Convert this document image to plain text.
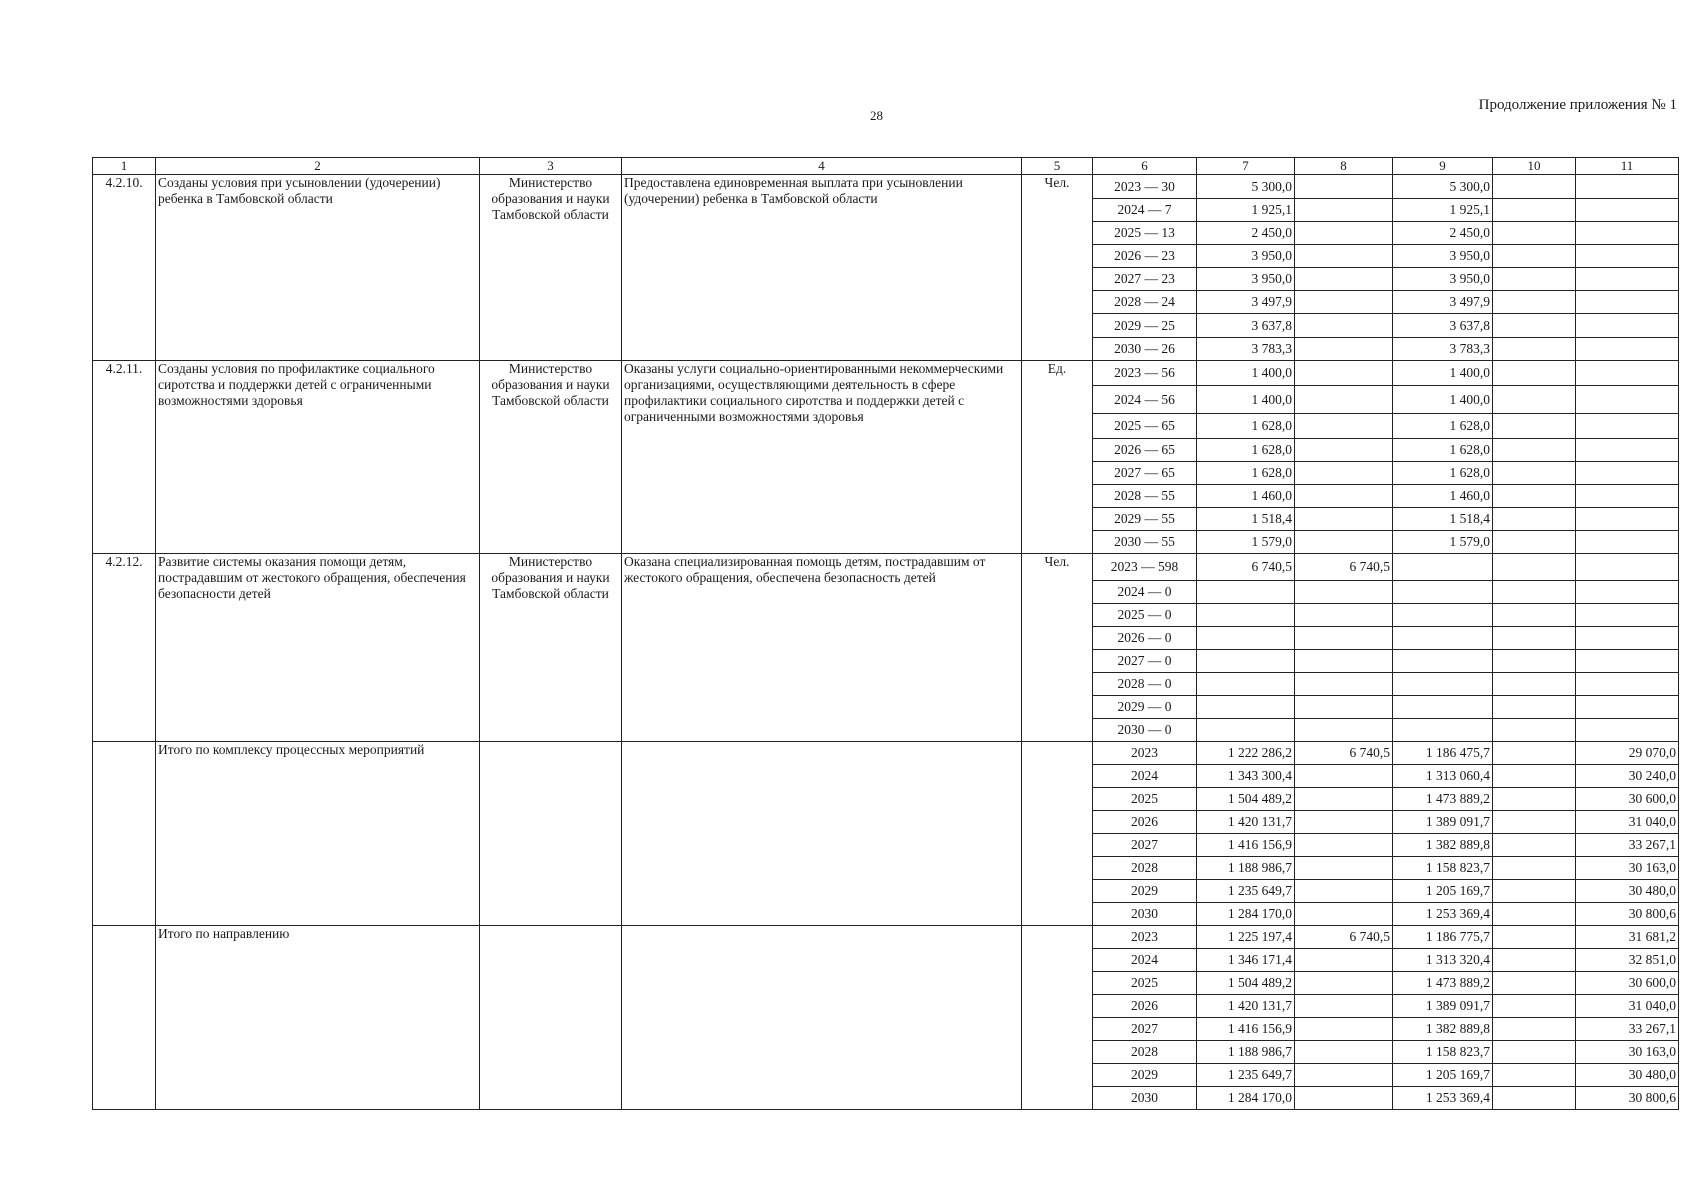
28
Продолжение приложения № 1
1	2	3	4	5	6	7	8	9	10	11
4.2.10.	Созданы условия при усыновлении (удочерении) ребенка в Тамбовской области	Министерство образования и науки Тамбовской области	Предоставлена единовременная выплата при усыновлении (удочерении) ребенка в Тамбовской области	Чел.	2023 — 30	5 300,0		5 300,0		
					2024 — 7	1 925,1		1 925,1		
					2025 — 13	2 450,0		2 450,0		
					2026 — 23	3 950,0		3 950,0		
					2027 — 23	3 950,0		3 950,0		
					2028 — 24	3 497,9		3 497,9		
					2029 — 25	3 637,8		3 637,8		
					2030 — 26	3 783,3		3 783,3		
4.2.11.	Созданы условия по профилактике социального сиротства и поддержки детей с ограниченными возможностями здоровья	Министерство образования и науки Тамбовской области	Оказаны услуги социально-ориентированными некоммерческими организациями, осуществляющими деятельность в сфере профилактики социального сиротства и поддержки детей с ограниченными возможностями здоровья	Ед.	2023 — 56	1 400,0		1 400,0		
					2024 — 56	1 400,0		1 400,0		
					2025 — 65	1 628,0		1 628,0		
					2026 — 65	1 628,0		1 628,0		
					2027 — 65	1 628,0		1 628,0		
					2028 — 55	1 460,0		1 460,0		
					2029 — 55	1 518,4		1 518,4		
					2030 — 55	1 579,0		1 579,0		
4.2.12.	Развитие системы оказания помощи детям, пострадавшим от жестокого обращения, обеспечения безопасности детей	Министерство образования и науки Тамбовской области	Оказана специализированная помощь детям, пострадавшим от жестокого обращения, обеспечена безопасность детей	Чел.	2023 — 598	6 740,5	6 740,5			
					2024 — 0					
					2025 — 0					
					2026 — 0					
					2027 — 0					
					2028 — 0					
					2029 — 0					
					2030 — 0					
	Итого по комплексу процессных мероприятий				2023	1 222 286,2	6 740,5	1 186 475,7		29 070,0
					2024	1 343 300,4		1 313 060,4		30 240,0
					2025	1 504 489,2		1 473 889,2		30 600,0
					2026	1 420 131,7		1 389 091,7		31 040,0
					2027	1 416 156,9		1 382 889,8		33 267,1
					2028	1 188 986,7		1 158 823,7		30 163,0
					2029	1 235 649,7		1 205 169,7		30 480,0
					2030	1 284 170,0		1 253 369,4		30 800,6
	Итого по направлению				2023	1 225 197,4	6 740,5	1 186 775,7		31 681,2
					2024	1 346 171,4		1 313 320,4		32 851,0
					2025	1 504 489,2		1 473 889,2		30 600,0
					2026	1 420 131,7		1 389 091,7		31 040,0
					2027	1 416 156,9		1 382 889,8		33 267,1
					2028	1 188 986,7		1 158 823,7		30 163,0
					2029	1 235 649,7		1 205 169,7		30 480,0
					2030	1 284 170,0		1 253 369,4		30 800,6
